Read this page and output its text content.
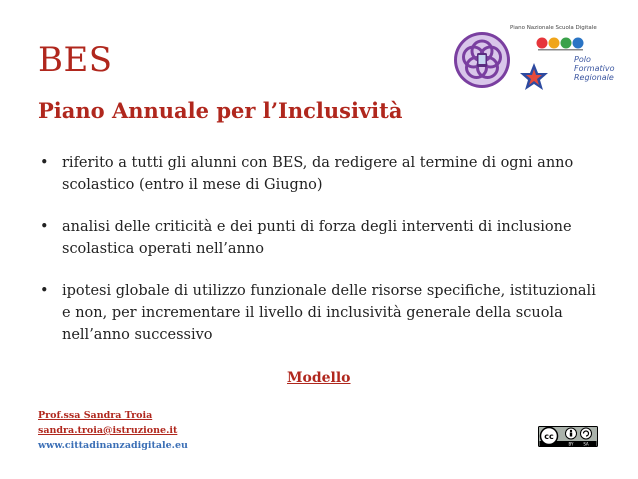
BES
Piano Annuale per l’Inclusività
• riferito a tutti gli alunni con BES, da redigere al termine di ogni anno scolastico (entro il mese di Giugno)
• analisi delle criticità e dei punti di forza degli interventi di inclusione scolastica operati nell’anno
• ipotesi globale di utilizzo funzionale delle risorse specifiche, istituzionali e non, per incrementare il livello di inclusività generale della scuola nell’anno successivo
Modello
Prof.ssa Sandra Troia
sandra.troia@istruzione.it
www.cittadinanzadigitale.eu
Piano Nazionale Scuola Digitale
Polo
Formativo
Regionale
cc
BY SA
